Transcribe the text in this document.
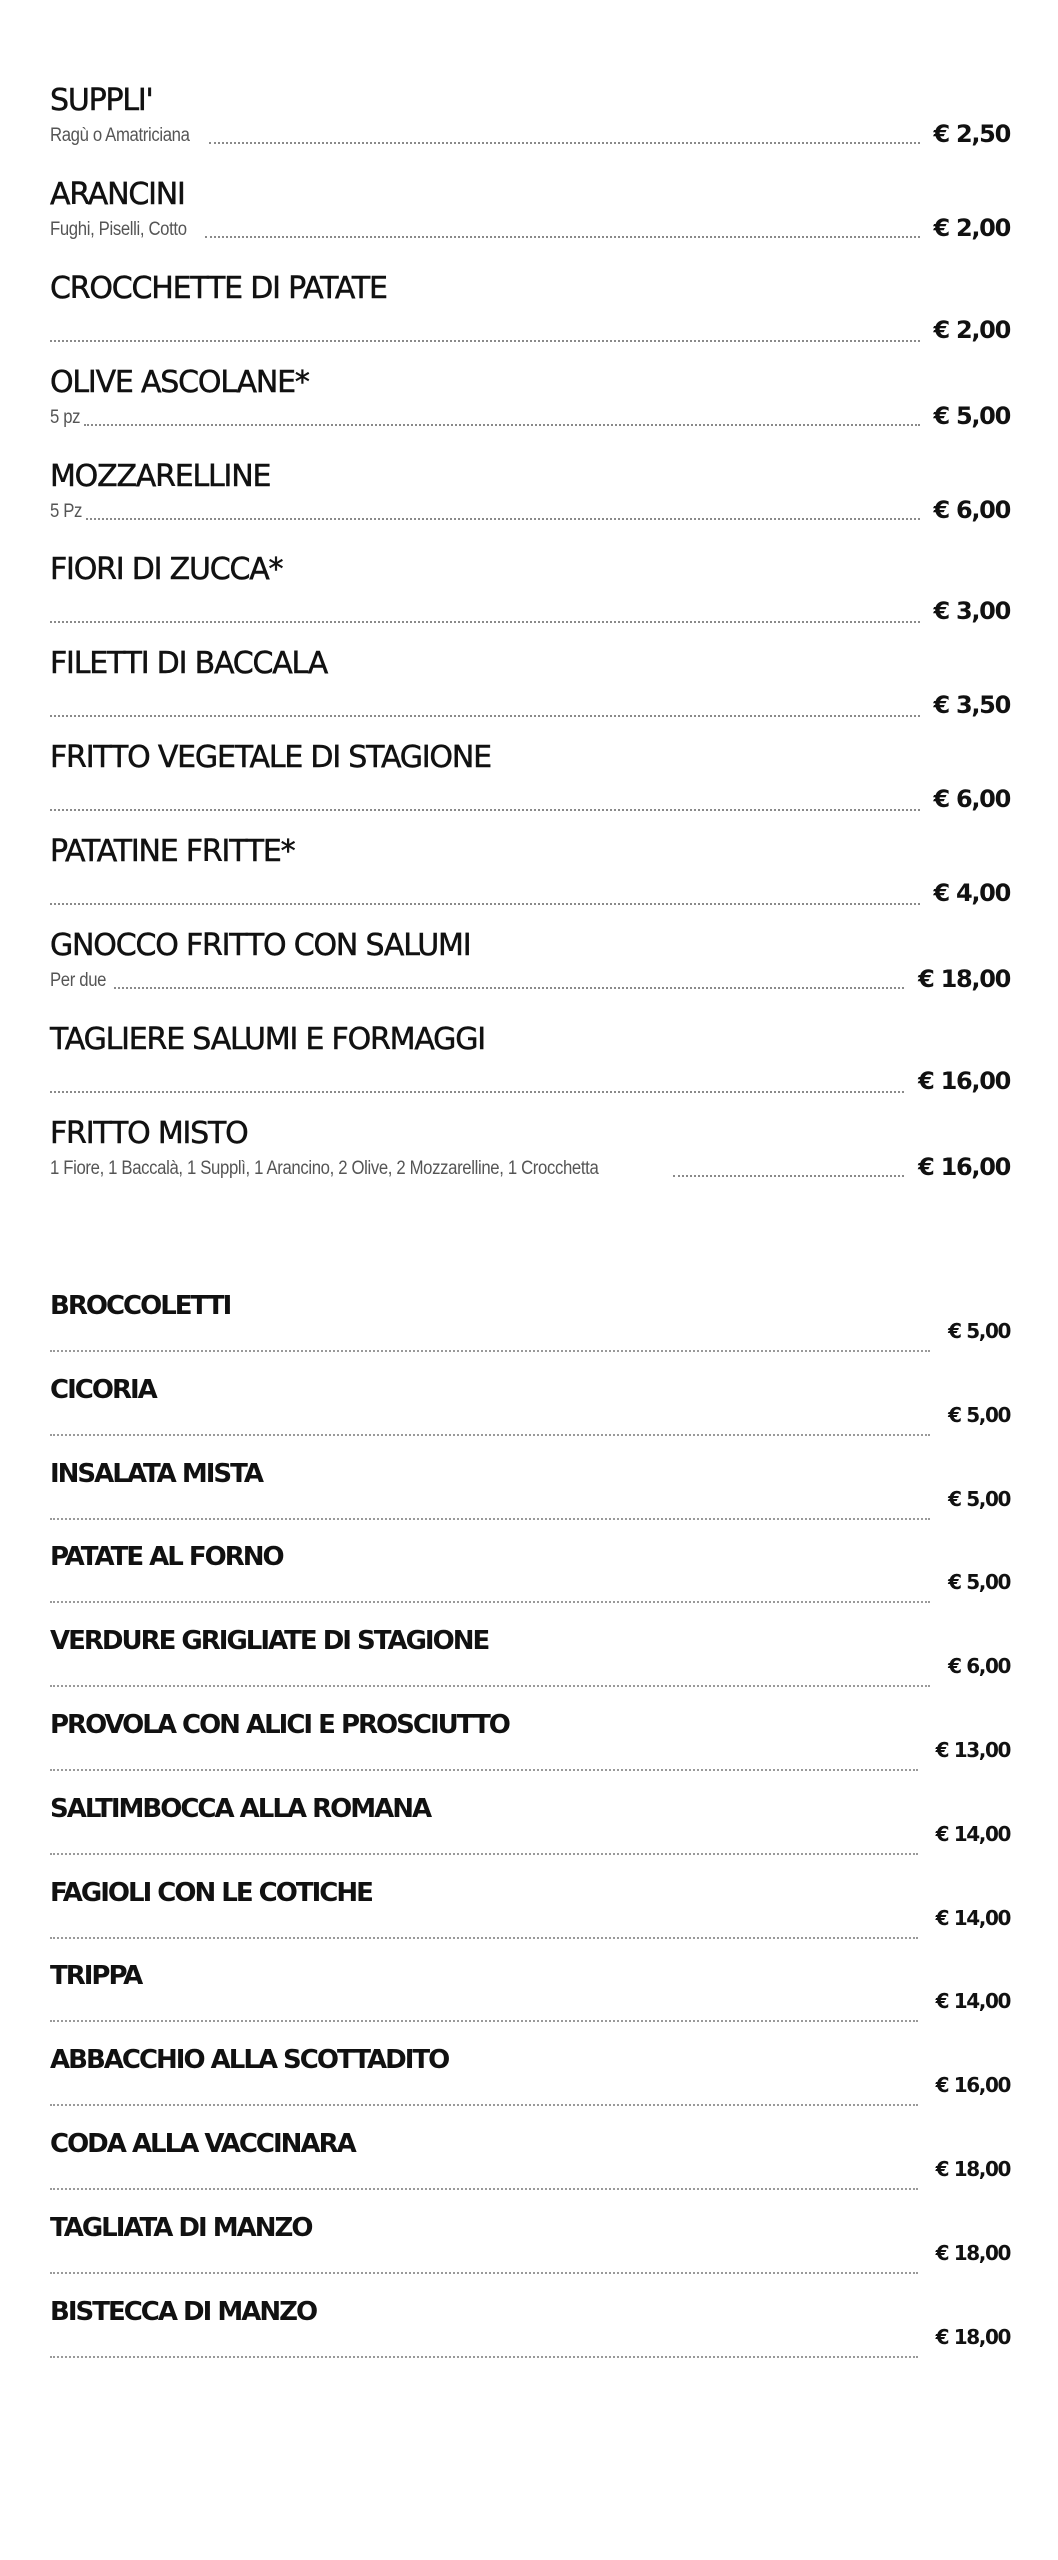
SUPPLI'
Ragù o Amatriciana	€ 2,50
ARANCINI
Fughi, Piselli, Cotto	€ 2,00
CROCCHETTE DI PATATE
€ 2,00
OLIVE ASCOLANE*
5 pz	€ 5,00
MOZZARELLINE
5 Pz	€ 6,00
FIORI DI ZUCCA*
€ 3,00
FILETTI DI BACCALA
€ 3,50
FRITTO VEGETALE DI STAGIONE
€ 6,00
PATATINE FRITTE*
€ 4,00
GNOCCO FRITTO CON SALUMI
Per due	€ 18,00
TAGLIERE SALUMI E FORMAGGI
€ 16,00
FRITTO MISTO
1 Fiore, 1 Baccalà, 1 Supplì, 1 Arancino, 2 Olive, 2 Mozzarelline, 1 Crocchetta	€ 16,00
BROCCOLETTI
€ 5,00
CICORIA
€ 5,00
INSALATA MISTA
€ 5,00
PATATE AL FORNO
€ 5,00
VERDURE GRIGLIATE DI STAGIONE
€ 6,00
PROVOLA CON ALICI E PROSCIUTTO
€ 13,00
SALTIMBOCCA ALLA ROMANA
€ 14,00
FAGIOLI CON LE COTICHE
€ 14,00
TRIPPA
€ 14,00
ABBACCHIO ALLA SCOTTADITO
€ 16,00
CODA ALLA VACCINARA
€ 18,00
TAGLIATA DI MANZO
€ 18,00
BISTECCA DI MANZO
€ 18,00
